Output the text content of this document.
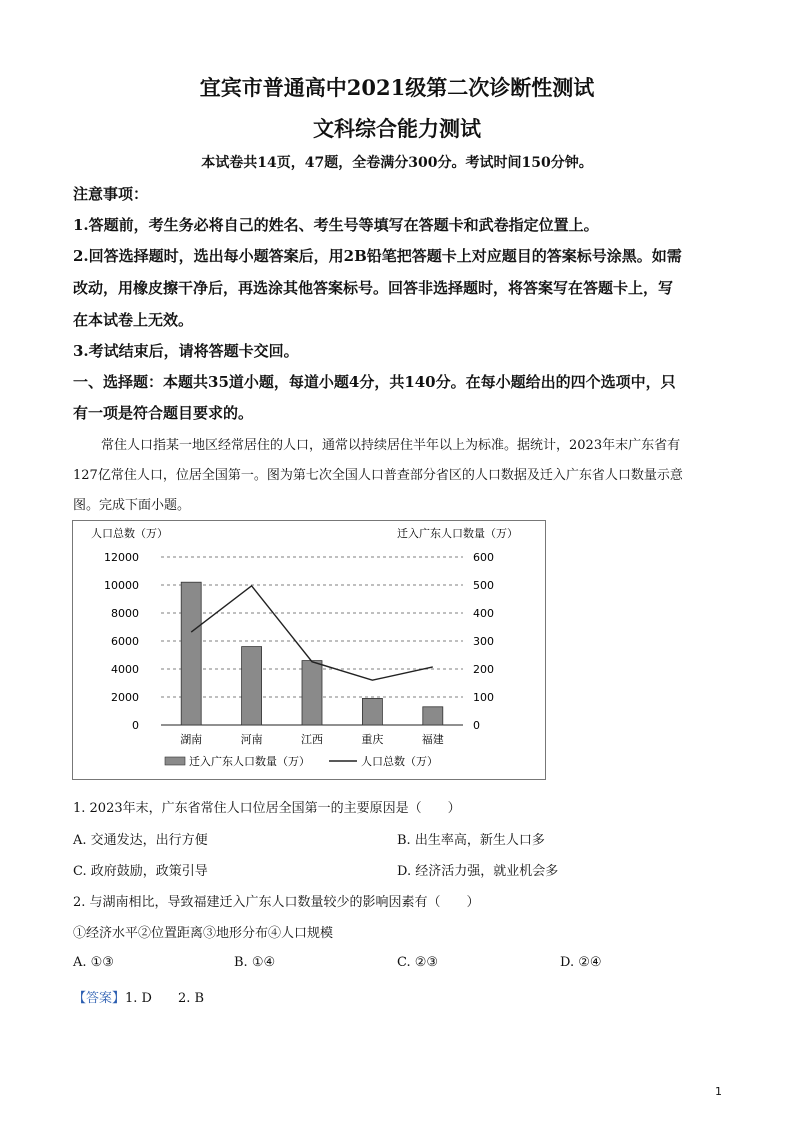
宜宾市普通高中2021级第二次诊断性测试
文科综合能力测试
本试卷共14页，47题，全卷满分300分。考试时间150分钟。
注意事项：
1.答题前，考生务必将自己的姓名、考生号等填写在答题卡和武卷指定位置上。
2.回答选择题时，选出每小题答案后，用2B铅笔把答题卡上对应题目的答案标号涂黑。如需
改动，用橡皮擦干净后，再选涂其他答案标号。回答非选择题时，将答案写在答题卡上，写
在本试卷上无效。
3.考试结束后，请将答题卡交回。
一、选择题：本题共35道小题，每道小题4分，共140分。在每小题给出的四个选项中，只
有一项是符合题目要求的。
常住人口指某一地区经常居住的人口，通常以持续居住半年以上为标准。据统计，2023年末广东省有
127亿常住人口，位居全国第一。图为第七次全国人口普查部分省区的人口数据及迁入广东省人口数量示意
图。完成下面小题。
人口总数（万）	迁入广东人口数量（万）
12000	600
10000	500
8000	400
6000	300
4000	200
2000	100
0	0
湖南	河南	江西	重庆	福建
迁入广东人口数量（万）	人口总数（万）
1. 2023年末，广东省常住人口位居全国第一的主要原因是（　　）
A. 交通发达，出行方便	B. 出生率高，新生人口多
C. 政府鼓励，政策引导	D. 经济活力强，就业机会多
2. 与湖南相比，导致福建迁入广东人口数量较少的影响因素有（　　）
①经济水平②位置距离③地形分布④人口规模
A. ①③	B. ①④	C. ②③	D. ②④
【答案】1. D　　2. B
1
